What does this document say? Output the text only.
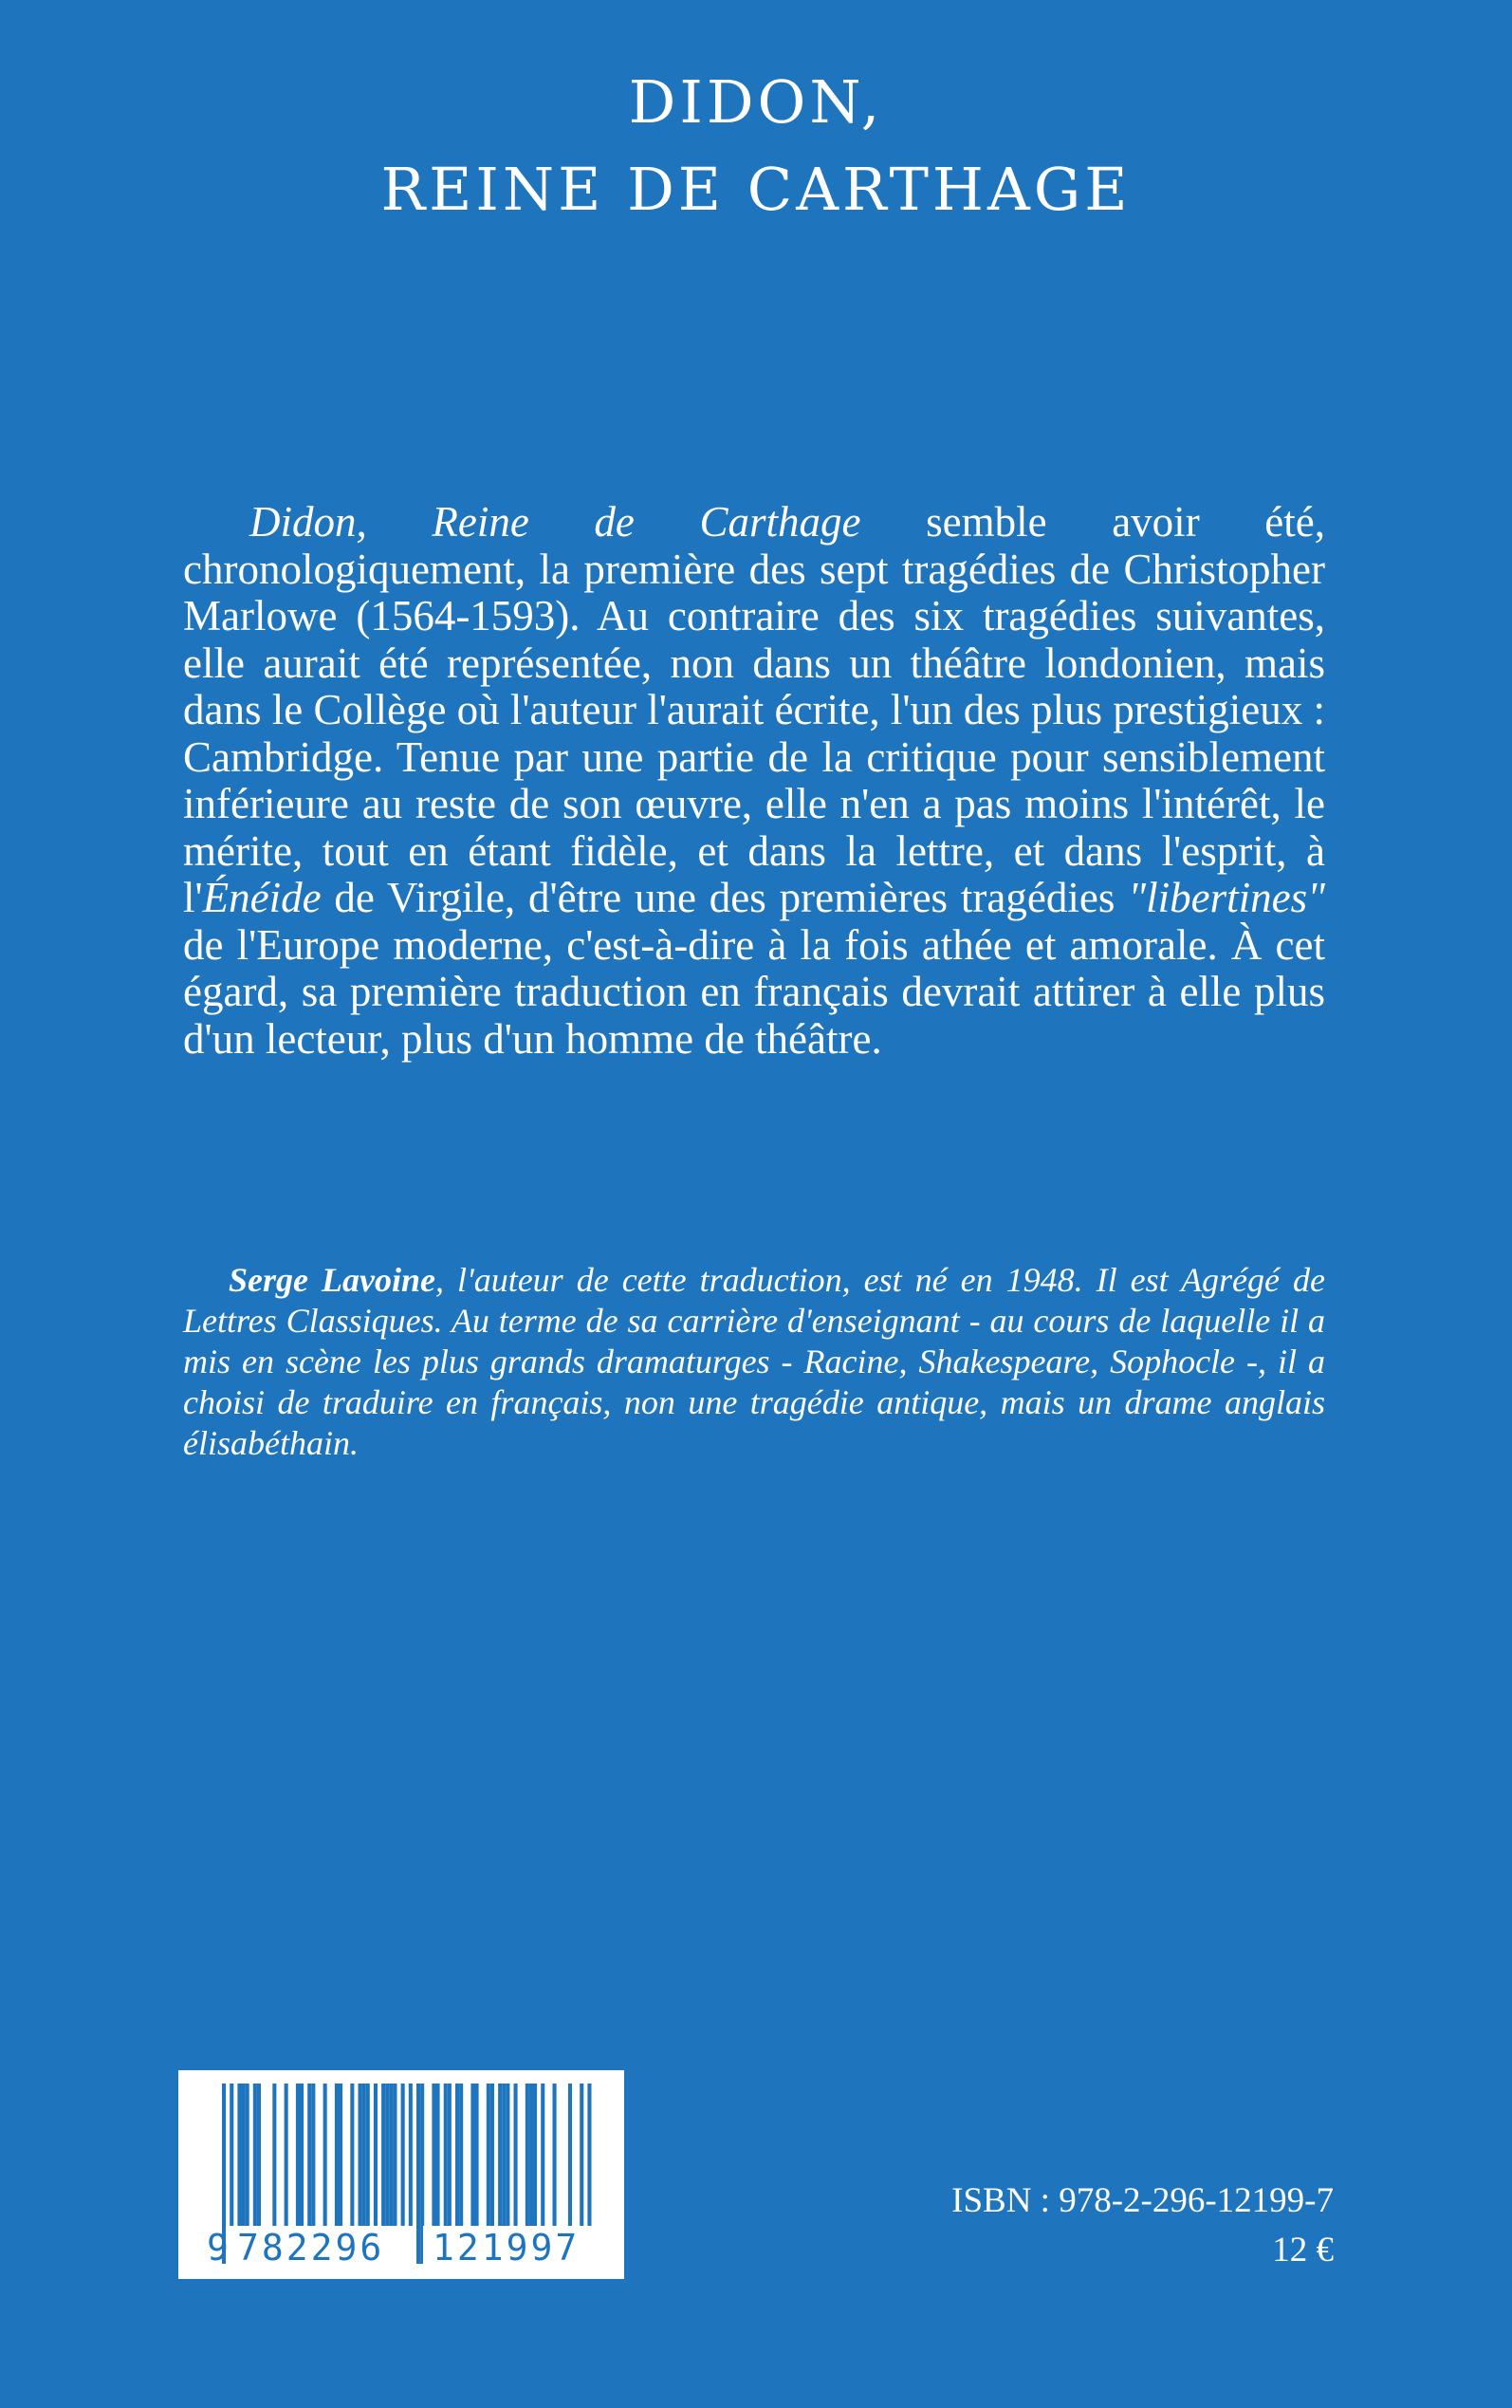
DIDON,
REINE DE CARTHAGE

Didon, Reine de Carthage semble avoir été, chronologiquement, la première des sept tragédies de Christopher Marlowe (1564-1593). Au contraire des six tragédies suivantes, elle aurait été représentée, non dans un théâtre londonien, mais dans le Collège où l'auteur l'aurait écrite, l'un des plus prestigieux : Cambridge. Tenue par une partie de la critique pour sensiblement inférieure au reste de son œuvre, elle n'en a pas moins l'intérêt, le mérite, tout en étant fidèle, et dans la lettre, et dans l'esprit, à l'Énéide de Virgile, d'être une des premières tragédies "libertines" de l'Europe moderne, c'est-à-dire à la fois athée et amorale. À cet égard, sa première traduction en français devrait attirer à elle plus d'un lecteur, plus d'un homme de théâtre.

Serge Lavoine, l'auteur de cette traduction, est né en 1948. Il est Agrégé de Lettres Classiques. Au terme de sa carrière d'enseignant - au cours de laquelle il a mis en scène les plus grands dramaturges - Racine, Shakespeare, Sophocle -, il a choisi de traduire en français, non une tragédie antique, mais un drame anglais élisabéthain.

9 782296 121997
ISBN : 978-2-296-12199-7
12 €
